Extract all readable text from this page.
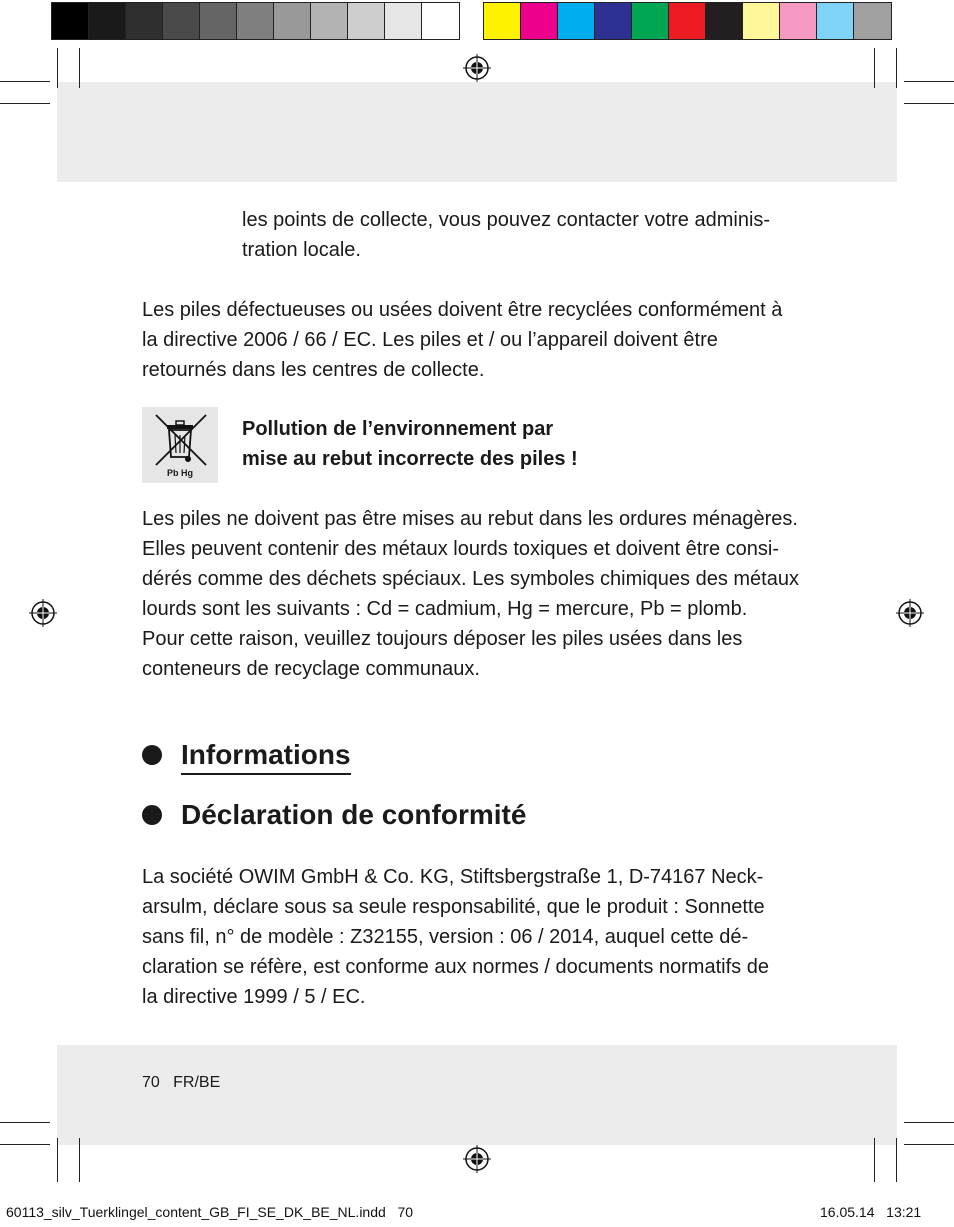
les points de collecte, vous pouvez contacter votre adminis-
tration locale.
Les piles défectueuses ou usées doivent être recyclées conformément à
la directive 2006 / 66 / EC. Les piles et / ou l’appareil doivent être
retournés dans les centres de collecte.
Pb Hg
Pollution de l’environnement par
mise au rebut incorrecte des piles !
Les piles ne doivent pas être mises au rebut dans les ordures ménagères.
Elles peuvent contenir des métaux lourds toxiques et doivent être consi-
dérés comme des déchets spéciaux. Les symboles chimiques des métaux
lourds sont les suivants : Cd = cadmium, Hg = mercure, Pb = plomb.
Pour cette raison, veuillez toujours déposer les piles usées dans les
conteneurs de recyclage communaux.
Informations
Déclaration de conformité
La société OWIM GmbH & Co. KG, Stiftsbergstraße 1, D-74167 Neck-
arsulm, déclare sous sa seule responsabilité, que le produit : Sonnette
sans fil, n° de modèle : Z32155, version : 06 / 2014, auquel cette dé-
claration se réfère, est conforme aux normes / documents normatifs de
la directive 1999 / 5 / EC.
70 FR/BE
60113_silv_Tuerklingel_content_GB_FI_SE_DK_BE_NL.indd 70	16.05.14 13:21
